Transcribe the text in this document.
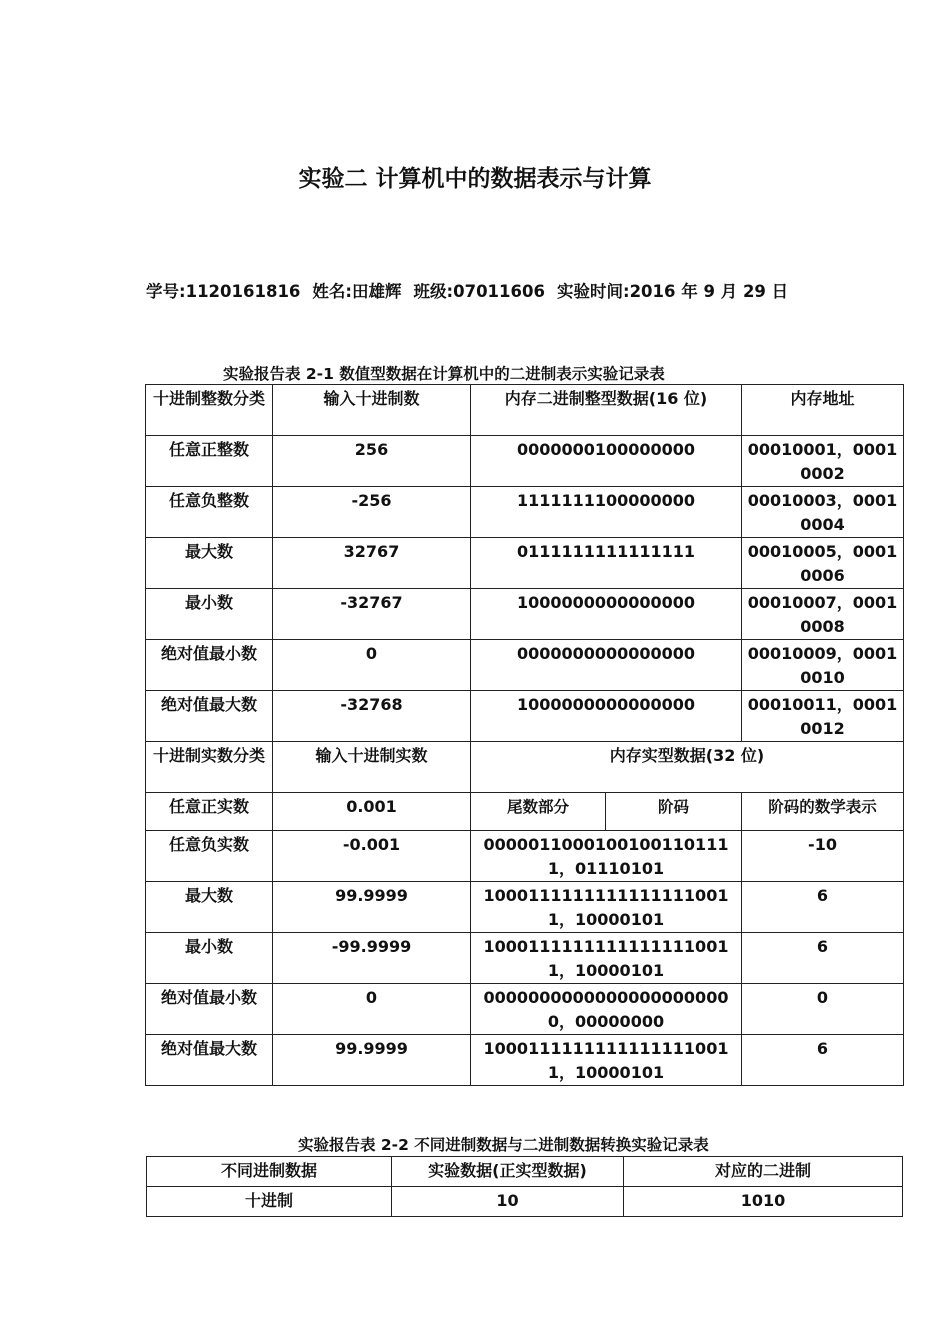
实验二 计算机中的数据表示与计算
学号:1120161816 姓名:田雄辉 班级:07011606 实验时间:2016 年 9 月 29 日
实验报告表 2-1 数值型数据在计算机中的二进制表示实验记录表
十进制整数分类	输入十进制数	内存二进制整型数据(16 位)		内存地址
任意正整数	256	0000000100000000		00010001，00010002
任意负整数	-256	1111111100000000		00010003，00010004
最大数	32767	0111111111111111		00010005，00010006
最小数	-32767	1000000000000000		00010007，00010008
绝对值最小数	0	0000000000000000		00010009，00010010
绝对值最大数	-32768	1000000000000000		00010011，00010012
十进制实数分类	输入十进制实数	内存实型数据(32 位)		
任意正实数	0.001	尾数部分	阶码	阶码的数学表示
任意负实数	-0.001	00000110001001001101111，01110101		-10
最大数	99.9999	10001111111111111110011，10000101		6
最小数	-99.9999	10001111111111111110011，10000101		6
绝对值最小数	0	00000000000000000000000，00000000		0
绝对值最大数	99.9999	10001111111111111110011，10000101		6
实验报告表 2-2 不同进制数据与二进制数据转换实验记录表
不同进制数据	实验数据(正实型数据)	对应的二进制
十进制	10	1010
